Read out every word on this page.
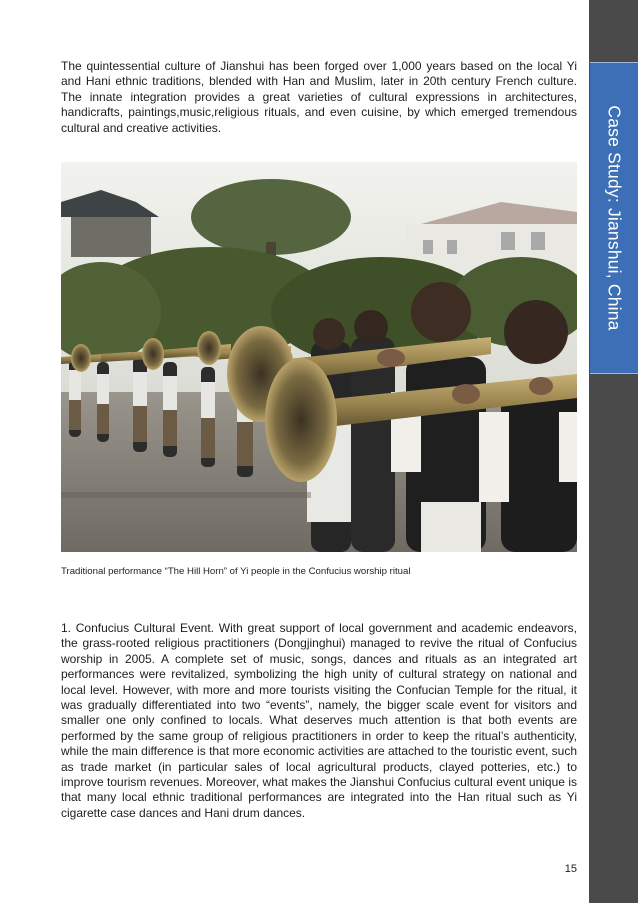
Case Study: Jianshui, China

The quintessential culture of Jianshui has been forged over 1,000 years based on the local Yi and Hani ethnic traditions, blended with Han and Muslim, later in 20th century French culture. The innate integration provides a great varieties of cultural expressions in architectures, handicrafts, paintings,music,religious rituals, and even cuisine, by which emerged tremendous cultural and creative activities.

Traditional performance “The Hill Horn” of Yi people in the Confucius worship ritual

1. Confucius Cultural Event. With great support of local government and academic endeavors, the grass-rooted religious practitioners (Dongjinghui) managed to revive the ritual of Confucius worship in 2005. A complete set of music, songs, dances and rituals as an integrated art performances were revitalized, symbolizing the high unity of cultural strategy on national and local level. However, with more and more tourists visiting the Confucian Temple for the ritual, it was gradually differentiated into two “events”, namely, the bigger scale event for visitors and smaller one only confined to locals. What deserves much attention is that both events are performed by the same group of religious practitioners in order to keep the ritual’s authenticity, while the main difference is that more economic activities are attached to the touristic event, such as trade market (in particular sales of local agricultural products, clayed potteries, etc.) to improve tourism revenues. Moreover, what makes the Jianshui Confucius cultural event unique is that many local ethnic traditional performances are integrated into the Han ritual such as Yi cigarette case dances and Hani drum dances.

15
